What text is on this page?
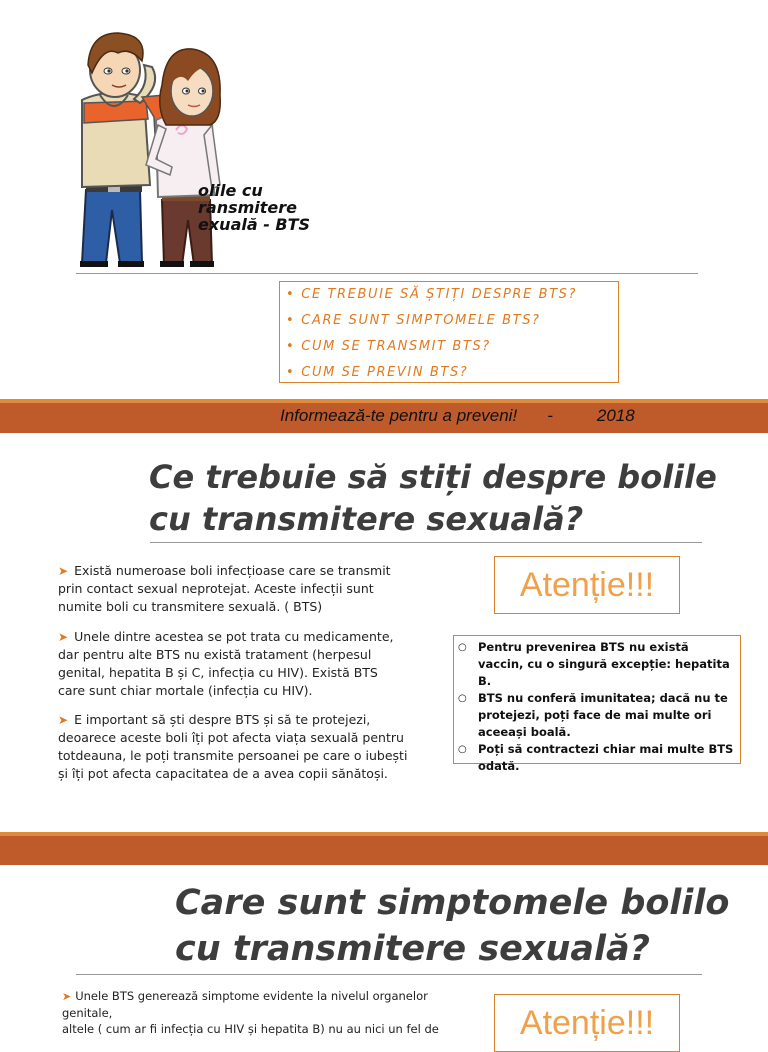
olile cu
ransmitere
exuală - BTS
• CE TREBUIE SĂ ȘTIȚI DESPRE BTS?
• CARE SUNT SIMPTOMELE BTS?
• CUM SE TRANSMIT BTS?
• CUM SE PREVIN BTS?
Informează-te pentru a preveni! -	2018
Ce trebuie să stiți despre bolile
cu transmitere sexuală?
➤ Există numeroase boli infecțioase care se transmit prin contact sexual neprotejat. Aceste infecții sunt numite boli cu transmitere sexuală. ( BTS)
➤ Unele dintre acestea se pot trata cu medicamente, dar pentru alte BTS nu există tratament (herpesul genital, hepatita B și C, infecția cu HIV). Există BTS care sunt chiar mortale (infecția cu HIV).
➤ E important să ști despre BTS și să te protejezi, deoarece aceste boli îți pot afecta viața sexuală pentru totdeauna, le poți transmite persoanei pe care o iubești și îți pot afecta capacitatea de a avea copii sănătoși.
Atenție!!!
○ Pentru prevenirea BTS nu există vaccin, cu o singură excepție: hepatita B.
○ BTS nu conferă imunitatea; dacă nu te protejezi, poți face de mai multe ori aceeași boală.
○ Poți să contractezi chiar mai multe BTS odată.
Care sunt simptomele bolilo
cu transmitere sexuală?
➤ Unele BTS generează simptome evidente la nivelul organelor genitale,
altele ( cum ar fi infecția cu HIV și hepatita B) nu au nici un fel de	Atenție!!!
